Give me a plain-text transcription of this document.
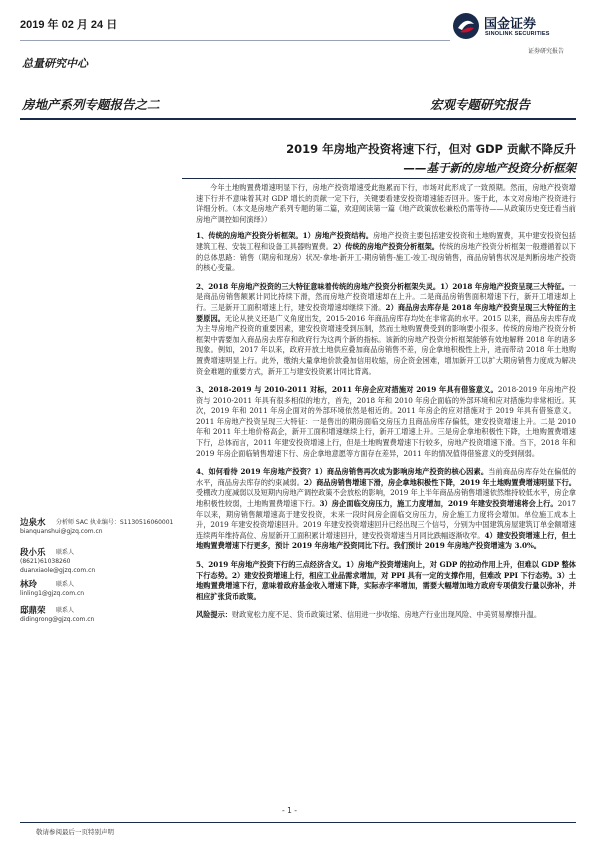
2019 年 02 月 24 日	国金证券
SINOLINK SECURITIES
证券研究报告
总量研究中心
房地产系列专题报告之二	宏观专题研究报告
2019 年房地产投资将速下行，但对 GDP 贡献不降反升
——基于新的房地产投资分析框架

今年土地购置费增速明显下行，房地产投资增速受此拖累而下行，市场对此形成了一致预期。然而，房地产投资增速下行并不意味着其对 GDP 增长的贡献一定下行，关键要看建安投资增速能否回升。鉴于此，本文对房地产投资进行详细分析。（本文是房地产系列专题的第二篇，欢迎阅读第一篇《地产政策放松兼松仍需等待——从政策历史变迁看当前房地产调控如何演绎》）

1、传统的房地产投资分析框架。1）房地产投资结构。房地产投资主要包括建安投资和土地购置费，其中建安投资包括建筑工程、安装工程和设备工具器购置费。2）传统的房地产投资分析框架。传统的房地产投资分析框架一般遵循着以下的总体思路：销售（期房和现房）状况-拿地-新开工-期房销售-施工-竣工-现房销售，商品房销售状况是判断房地产投资的核心变量。

2、2018 年房地产投资的三大特征意味着传统的房地产投资分析框架失灵。1）2018 年房地产投资呈现三大特征。一是商品房销售额累计同比持续下滑，然而房地产投资增速却在上升。二是商品房销售面积增速下行，新开工增速却上行。三是新开工面积增速上行，建安投资增速却继续下滑。2）商品房去库存是 2018 年房地产投资呈现三大特征的主要原因。无论从狭义还是广义角度出发，2015-2016 年商品房库存均处在非常高的水平。2015 以来，商品房去库存成为主导房地产投资的重要因素，建安投资增速受到压制，然而土地购置费受到的影响要小很多。传统的房地产投资分析框架中需要加入商品房去库存和政府行为这两个新的指标。该新的房地产投资分析框架能够有效地解释 2018 年的诸多现象。例如，2017 年以来，政府开放土地供应叠加商品房销售不差，房企拿地积极性上升，进而带动 2018 年土地购置费增速明显上行。此外，缴纳大量拿地价款叠加信用收缩，房企资金困难，增加新开工以扩大期房销售力度成为解决资金难题的重要方式，新开工与建安投资累计同比背离。

3、2018-2019 与 2010-2011 对标，2011 年房企应对措施对 2019 年具有借鉴意义。2018-2019 年房地产投资与 2010-2011 年具有很多相似的地方，首先，2018 年和 2010 年房企面临的外部环境和应对措施均非常相近。其次，2019 年和 2011 年房企面对的外部环境依然是相近的。2011 年房企的应对措施对于 2019 年具有借鉴意义。2011 年房地产投资呈现三大特征：一是售出的期房面临交房压力且商品房库存偏低，建安投资增速上升。二是 2010 年和 2011 年土地价格高企，新开工面积增速继续上行，新开工增速上升。三是房企拿地积极性下降，土地购置费增速下行，总体而言，2011 年建安投资增速上行，但是土地购置费增速下行较多，房地产投资增速下滑。当下，2018 年和 2019 年房企面临销售增速下行、房企拿地意愿等方面存在差异，2011 年的情况值得借鉴意义的受到削弱。

4、如何看待 2019 年房地产投资？1）商品房销售再次成为影响房地产投资的核心因素。当前商品房库存处在偏低的水平，商品房去库存的约束减弱。2）商品房销售增速下滑，房企拿地积极性下降，2019 年土地购置费增速明显下行。受棚改力度减弱以及短期内房地产调控政策不会放松的影响，2019 年上半年商品房销售增速依然维持较低水平，房企拿地积极性较弱，土地购置费增速下行。3）房企面临交房压力，施工力度增加，2019 年建安投资增速将会上行。2017 年以来，期房销售额增速高于建安投资，未来一段时间房企面临交房压力，房企施工力度将会增加。单位施工成本上升，2019 年建安投资增速回升。2019 年建安投资增速回升已经出现三个信号，分别为中国建筑房屋建筑订单金额增速连续两年维持高位、房屋新开工面积累计增速回升，建安投资增速当月同比跌幅逐渐收窄。4）建安投资增速上行，但土地购置费增速下行更多，预计 2019 年房地产投资同比下行。我们预计 2019 年房地产投资增速为 3.0%。

5、2019 年房地产投资下行的三点经济含义。1）房地产投资增速向上，对 GDP 的拉动作用上升，但难以 GDP 整体下行态势。2）建安投资增速上行，相应工业品需求增加，对 PPI 具有一定的支撑作用，但难改 PPI 下行态势。3）土地购置费增速下行，意味着政府基金收入增速下降，实际赤字率增加，需要大幅增加地方政府专项债发行量以弥补，并相应扩张货币政策。

风险提示：财政宽松力度不足、货币政策过紧、信用进一步收缩、房地产行业出现风险、中美贸易摩擦升温。

边泉水 分析师 SAC 执业编号：S1130516060001
bianquanshui@gjzq.com.cn
段小乐 联系人
(8621)61038260
duanxiaole@gjzq.com.cn
林玲	联系人
linling1@gjzq.com.cn
邸鼎荣 联系人
didingrong@gjzq.com.cn
- 1 -
敬请参阅最后一页特别声明
